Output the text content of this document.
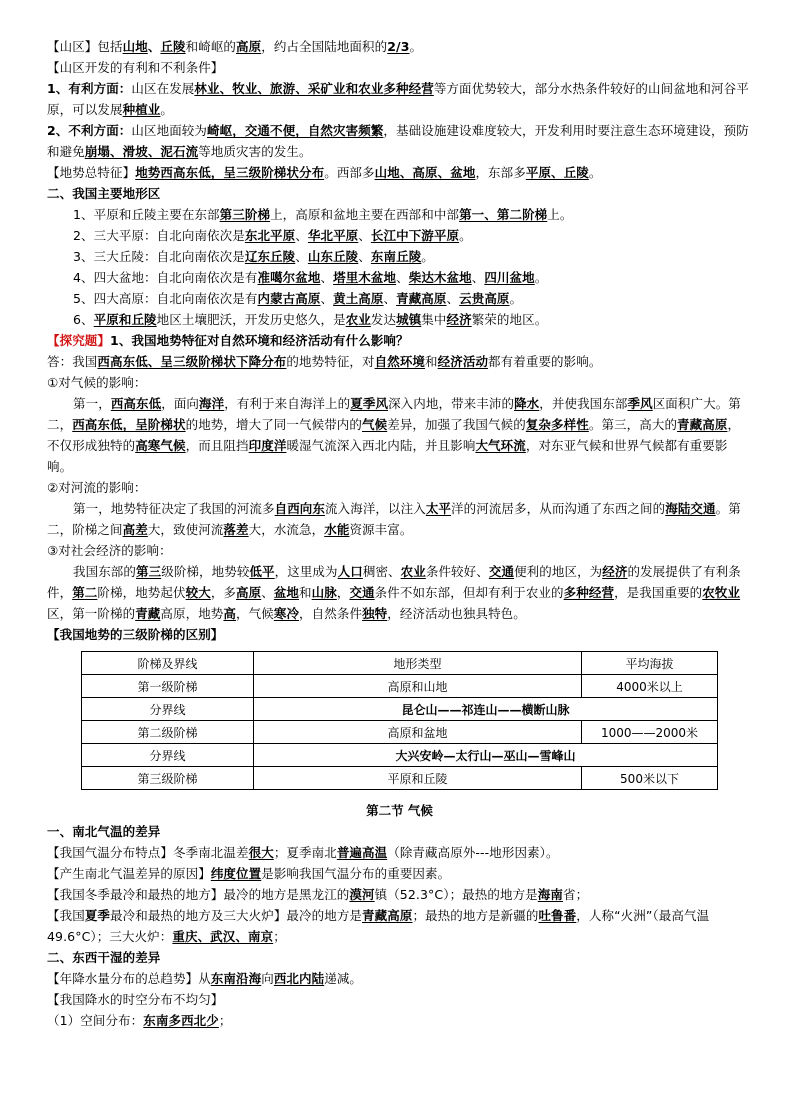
【山区】包括山地、丘陵和崎岖的高原，约占全国陆地面积的2/3。
【山区开发的有利和不利条件】
1、有利方面：山区在发展林业、牧业、旅游、采矿业和农业多种经营等方面优势较大，部分水热条件较好的山间盆地和河谷平原，可以发展种植业。
2、不利方面：山区地面较为崎岖，交通不便，自然灾害频繁，基础设施建设难度较大，开发利用时要注意生态环境建设，预防和避免崩塌、滑坡、泥石流等地质灾害的发生。
【地势总特征】地势西高东低，呈三级阶梯状分布。西部多山地、高原、盆地，东部多平原、丘陵。
二、我国主要地形区
1、平原和丘陵主要在东部第三阶梯上，高原和盆地主要在西部和中部第一、第二阶梯上。
2、三大平原：自北向南依次是东北平原、华北平原、长江中下游平原。
3、三大丘陵：自北向南依次是辽东丘陵、山东丘陵、东南丘陵。
4、四大盆地：自北向南依次是有准噶尔盆地、塔里木盆地、柴达木盆地、四川盆地。
5、四大高原：自北向南依次是有内蒙古高原、黄土高原、青藏高原、云贵高原。
6、平原和丘陵地区土壤肥沃，开发历史悠久，是农业发达城镇集中经济繁荣的地区。
【探究题】1、我国地势特征对自然环境和经济活动有什么影响？
答：我国西高东低、呈三级阶梯状下降分布的地势特征，对自然环境和经济活动都有着重要的影响。
①对气候的影响：
第一，西高东低，面向海洋，有利于来自海洋上的夏季风深入内地，带来丰沛的降水，并使我国东部季风区面积广大。第二，西高东低，呈阶梯状的地势，增大了同一气候带内的气候差异，加强了我国气候的复杂多样性。第三，高大的青藏高原，不仅形成独特的高寒气候，而且阻挡印度洋暖湿气流深入西北内陆，并且影响大气环流，对东亚气候和世界气候都有重要影响。
②对河流的影响：
第一，地势特征决定了我国的河流多自西向东流入海洋，以注入太平洋的河流居多，从而沟通了东西之间的海陆交通。第二，阶梯之间高差大，致使河流落差大，水流急，水能资源丰富。
③对社会经济的影响：
我国东部的第三级阶梯，地势较低平，这里成为人口稠密、农业条件较好、交通便利的地区，为经济的发展提供了有利条件，第二阶梯，地势起伏较大，多高原、盆地和山脉，交通条件不如东部，但却有利于农业的多种经营，是我国重要的农牧业区，第一阶梯的青藏高原，地势高，气候寒冷，自然条件独特，经济活动也独具特色。
【我国地势的三级阶梯的区别】
阶梯及界线	地形类型	平均海拔
第一级阶梯	高原和山地	4000米以上
分界线	昆仑山——祁连山——横断山脉	
第二级阶梯	高原和盆地	1000——2000米
分界线	大兴安岭—太行山—巫山—雪峰山	
第三级阶梯	平原和丘陵	500米以下
第二节 气候
一、南北气温的差异
【我国气温分布特点】冬季南北温差很大；夏季南北普遍高温（除青藏高原外---地形因素）。
【产生南北气温差异的原因】纬度位置是影响我国气温分布的重要因素。
【我国冬季最冷和最热的地方】最冷的地方是黑龙江的漠河镇（52.3°C）；最热的地方是海南省；
【我国夏季最冷和最热的地方及三大火炉】最冷的地方是青藏高原；最热的地方是新疆的吐鲁番，人称“火洲”（最高气温49.6°C）；三大火炉：重庆、武汉、南京；
二、东西干湿的差异
【年降水量分布的总趋势】从东南沿海向西北内陆递减。
【我国降水的时空分布不均匀】
（1）空间分布：东南多西北少；
